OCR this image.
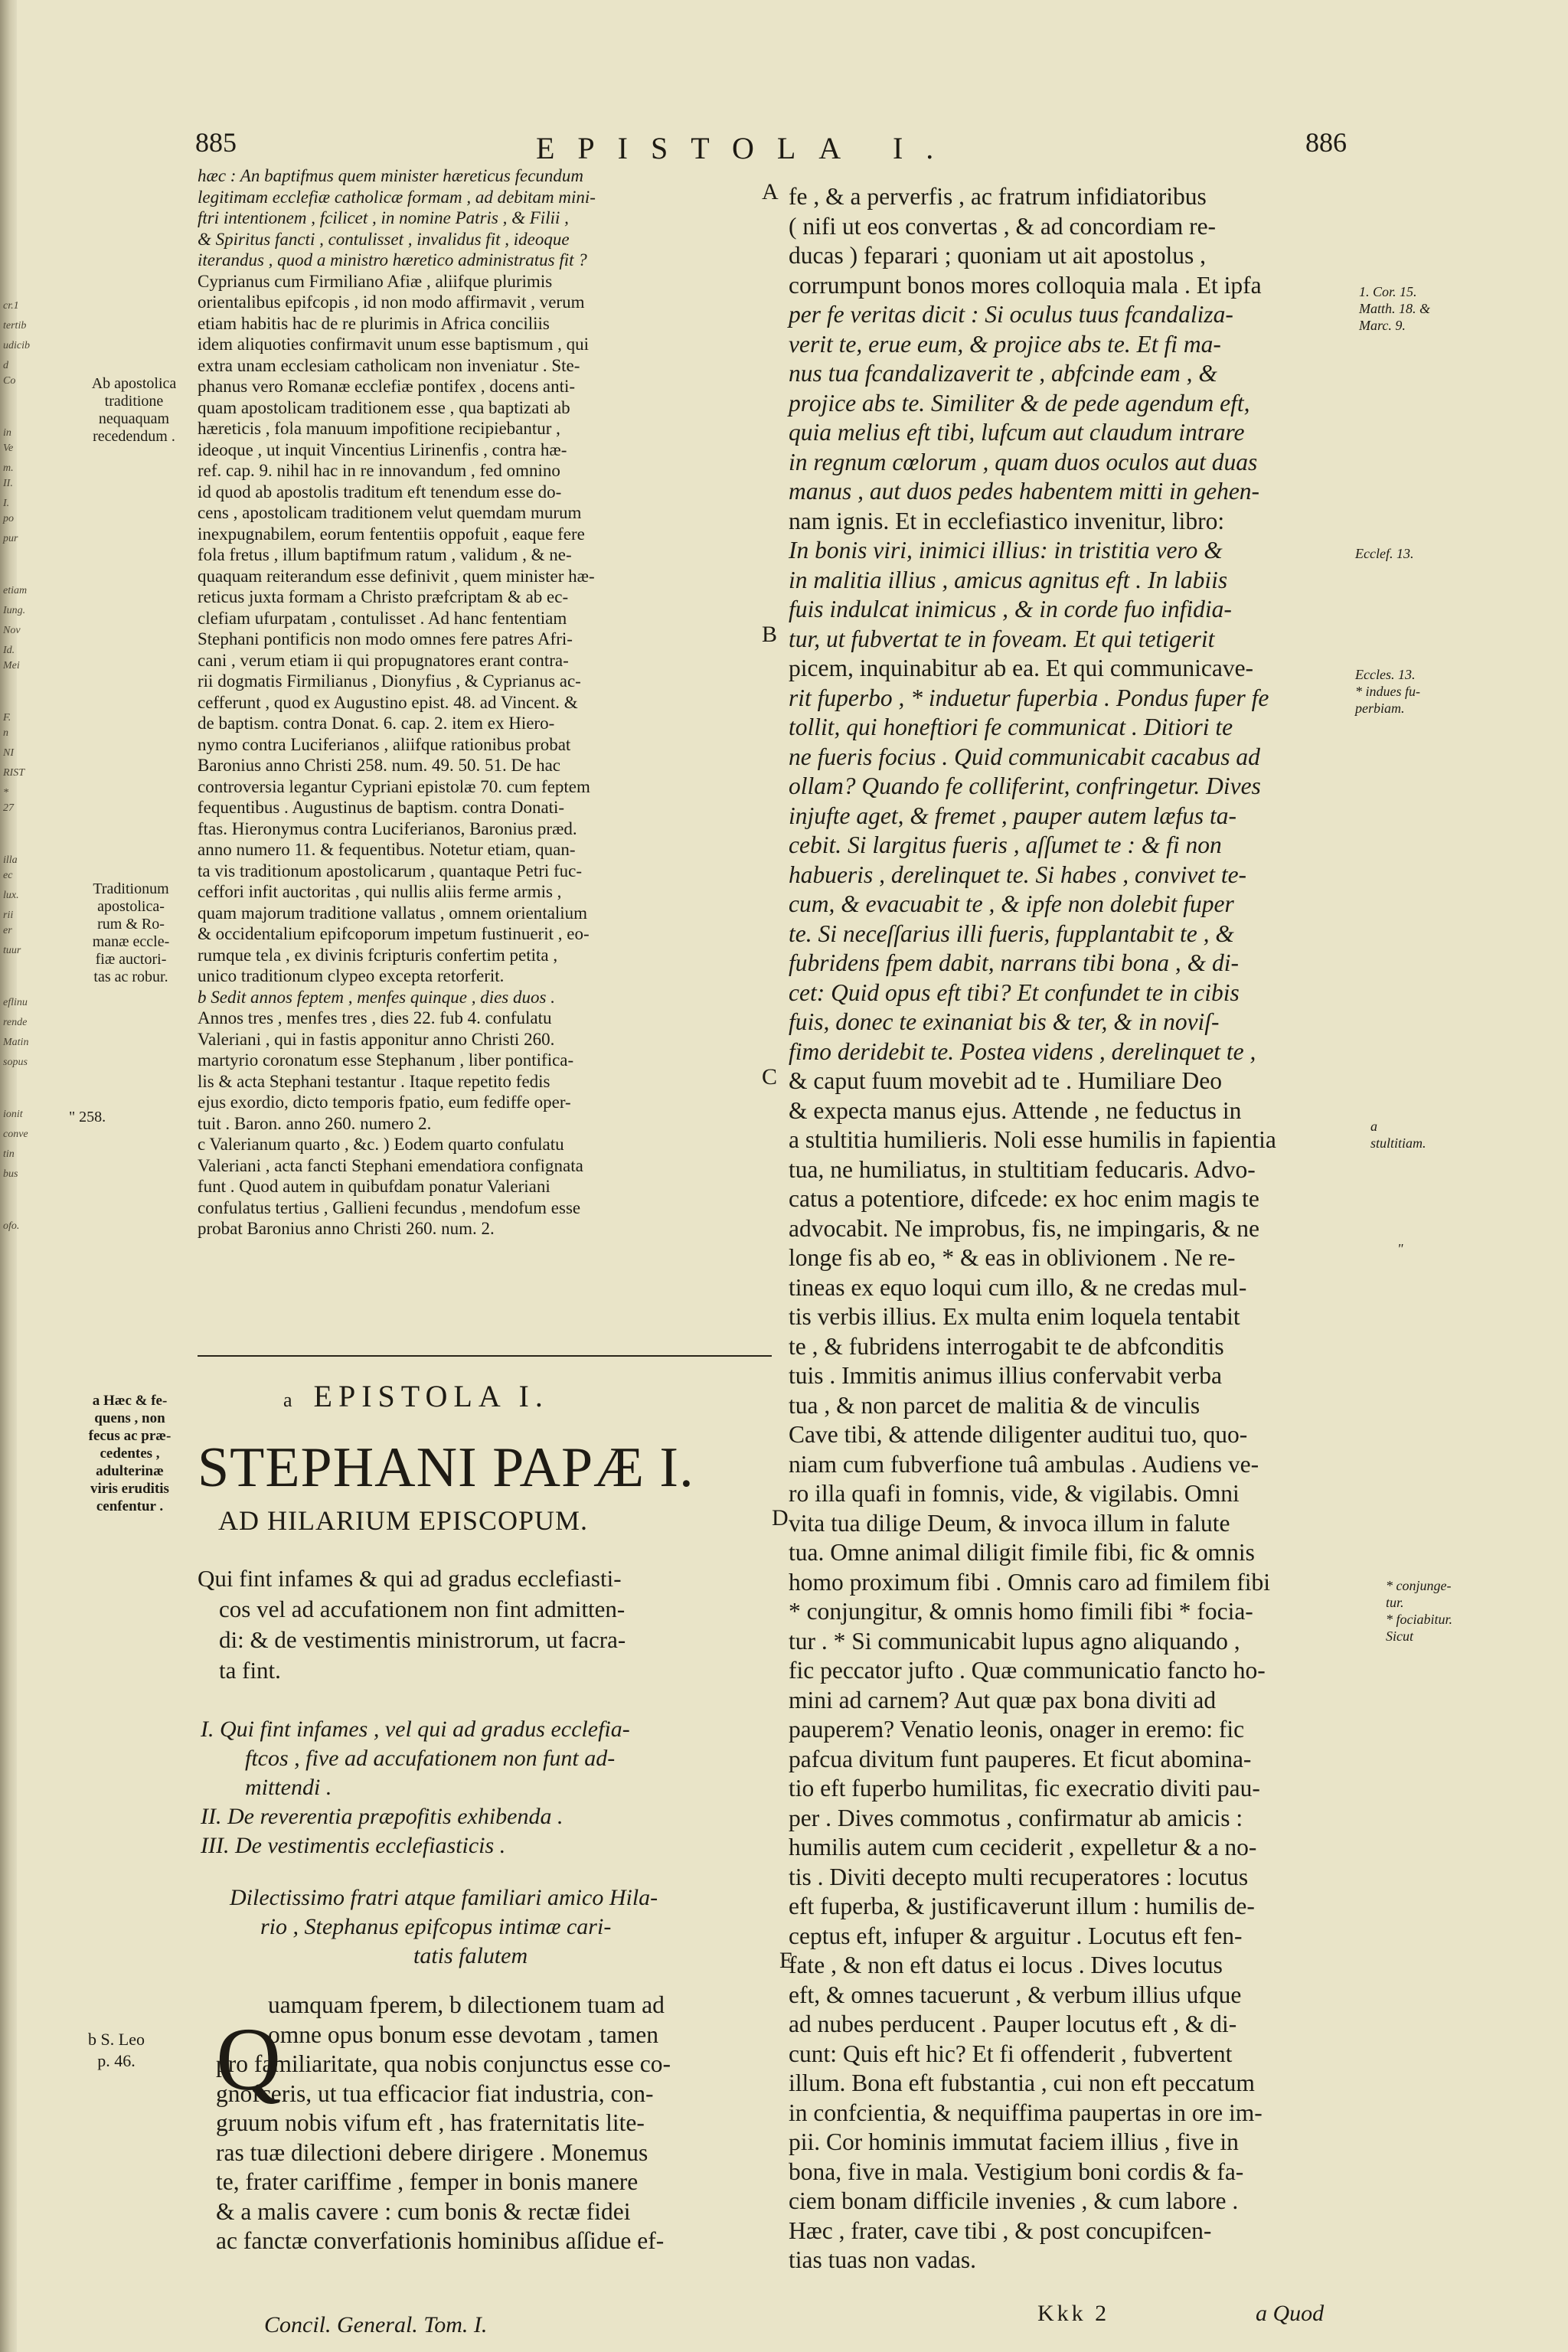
cr.1
tertib
udicib
d Co
in Ve
m. II.
I. po
pur
etiam
Iung.
Nov
Id. Mei
F. n
NI
RIST
* 27
illa ec
lux.
rii er
tuur
eflinu
rende
Matin
sopus
ionit
conve
tin
bus
ofo.
885	EPISTOLA I.	886
hæc : An baptifmus quem minister hæreticus fecundum
legitimam ecclefiæ catholicæ formam , ad debitam mini-
ftri intentionem , fcilicet , in nomine Patris , & Filii ,
& Spiritus fancti , contulisset , invalidus fit , ideoque
iterandus , quod a ministro hæretico administratus fit ?
Cyprianus cum Firmiliano Afiæ , aliifque plurimis
orientalibus epifcopis , id non modo affirmavit , verum
etiam habitis hac de re plurimis in Africa conciliis
idem aliquoties confirmavit unum esse baptismum , qui
extra unam ecclesiam catholicam non inveniatur . Ste-
phanus vero Romanæ ecclefiæ pontifex , docens anti-
quam apostolicam traditionem esse , qua baptizati ab
hæreticis , fola manuum impofitione recipiebantur ,
ideoque , ut inquit Vincentius Lirinenfis , contra hæ-
ref. cap. 9. nihil hac in re innovandum , fed omnino
id quod ab apostolis traditum eft tenendum esse do-
cens , apostolicam traditionem velut quemdam murum
inexpugnabilem, eorum fententiis oppofuit , eaque fere
fola fretus , illum baptifmum ratum , validum , & ne-
quaquam reiterandum esse definivit , quem minister hæ-
reticus juxta formam a Christo præfcriptam & ab ec-
clefiam ufurpatam , contulisset . Ad hanc fententiam
Stephani pontificis non modo omnes fere patres Afri-
cani , verum etiam ii qui propugnatores erant contra-
rii dogmatis Firmilianus , Dionyfius , & Cyprianus ac-
cefferunt , quod ex Augustino epist. 48. ad Vincent. &
de baptism. contra Donat. 6. cap. 2. item ex Hiero-
nymo contra Luciferianos , aliifque rationibus probat
Baronius anno Christi 258. num. 49. 50. 51. De hac
controversia legantur Cypriani epistolæ 70. cum feptem
fequentibus . Augustinus de baptism. contra Donati-
ftas. Hieronymus contra Luciferianos, Baronius præd.
anno numero 11. & fequentibus. Notetur etiam, quan-
ta vis traditionum apostolicarum , quantaque Petri fuc-
ceffori infit auctoritas , qui nullis aliis ferme armis ,
quam majorum traditione vallatus , omnem orientalium
& occidentalium epifcoporum impetum fustinuerit , eo-
rumque tela , ex divinis fcripturis confertim petita ,
unico traditionum clypeo excepta retorferit.
b Sedit annos feptem , menfes quinque , dies duos .
Annos tres , menfes tres , dies 22. fub 4. confulatu
Valeriani , qui in fastis apponitur anno Christi 260.
martyrio coronatum esse Stephanum , liber pontifica-
lis & acta Stephani testantur . Itaque repetito fedis
ejus exordio, dicto temporis fpatio, eum fediffe oper-
tuit . Baron. anno 260. numero 2.
c Valerianum quarto , &c. ) Eodem quarto confulatu
Valeriani , acta fancti Stephani emendatiora confignata
funt . Quod autem in quibufdam ponatur Valeriani
confulatus tertius , Gallieni fecundus , mendofum esse
probat Baronius anno Christi 260. num. 2.
Ab apostolica
traditione
nequaquam
recedendum .
Traditionum
apostolica-
rum & Ro-
manæ eccle-
fiæ auctori-
tas ac robur.
" 258.
a Hæc & fe-
quens , non
fecus ac præ-
cedentes ,
adulterinæ
viris eruditis
cenfentur .
b S. Leo
p. 46.
a EPISTOLA I.
STEPHANI PAPÆ I.
AD HILARIUM EPISCOPUM.
Qui fint infames & qui ad gradus ecclefiasti-
cos vel ad accufationem non fint admitten-
di: & de vestimentis ministrorum, ut facra-
ta fint.
I. Qui fint infames , vel qui ad gradus ecclefia-
ftcos , five ad accufationem non funt ad-
mittendi .
II. De reverentia præpofitis exhibenda .
III. De vestimentis ecclefiasticis .
Dilectissimo fratri atque familiari amico Hila-
rio , Stephanus epifcopus intimæ cari-
tatis falutem
Q
uamquam fperem, b dilectionem tuam ad
omne opus bonum esse devotam , tamen
pro familiaritate, qua nobis conjunctus esse co-
gnofceris, ut tua efficacior fiat industria, con-
gruum nobis vifum eft , has fraternitatis lite-
ras tuæ dilectioni debere dirigere . Monemus
te, frater cariffime , femper in bonis manere
& a malis cavere : cum bonis & rectæ fidei
ac fanctæ converfationis hominibus aſſidue ef-
Concil. General. Tom. I.
fe , & a perverfis , ac fratrum infidiatoribus
( nifi ut eos convertas , & ad concordiam re-
ducas ) feparari ; quoniam ut ait apostolus ,
corrumpunt bonos mores colloquia mala . Et ipfa
per fe veritas dicit : Si oculus tuus fcandaliza-
verit te, erue eum, & projice abs te. Et fi ma-
nus tua fcandalizaverit te , abfcinde eam , &
projice abs te. Similiter & de pede agendum eft,
quia melius eft tibi, lufcum aut claudum intrare
in regnum cœlorum , quam duos oculos aut duas
manus , aut duos pedes habentem mitti in gehen-
nam ignis. Et in ecclefiastico invenitur, libro:
In bonis viri, inimici illius: in tristitia vero &
in malitia illius , amicus agnitus eft . In labiis
fuis indulcat inimicus , & in corde fuo infidia-
tur, ut fubvertat te in foveam. Et qui tetigerit
picem, inquinabitur ab ea. Et qui communicave-
rit fuperbo , * induetur fuperbia . Pondus fuper fe
tollit, qui honeftiori fe communicat . Ditiori te
ne fueris focius . Quid communicabit cacabus ad
ollam? Quando fe colliferint, confringetur. Dives
injufte aget, & fremet , pauper autem læfus ta-
cebit. Si largitus fueris , aſſumet te : & fi non
habueris , derelinquet te. Si habes , convivet te-
cum, & evacuabit te , & ipfe non dolebit fuper
te. Si neceſſarius illi fueris, fupplantabit te , &
fubridens fpem dabit, narrans tibi bona , & di-
cet: Quid opus eft tibi? Et confundet te in cibis
fuis, donec te exinaniat bis & ter, & in noviſ-
fimo deridebit te. Postea videns , derelinquet te ,
& caput fuum movebit ad te . Humiliare Deo
& expecta manus ejus. Attende , ne feductus in
a stultitia humilieris. Noli esse humilis in fapientia
tua, ne humiliatus, in stultitiam feducaris. Advo-
catus a potentiore, difcede: ex hoc enim magis te
advocabit. Ne improbus, fis, ne impingaris, & ne
longe fis ab eo, * & eas in oblivionem . Ne re-
tineas ex equo loqui cum illo, & ne credas mul-
tis verbis illius. Ex multa enim loquela tentabit
te , & fubridens interrogabit te de abfconditis
tuis . Immitis animus illius confervabit verba
tua , & non parcet de malitia & de vinculis
Cave tibi, & attende diligenter auditui tuo, quo-
niam cum fubverfione tuâ ambulas . Audiens ve-
ro illa quafi in fomnis, vide, & vigilabis. Omni
vita tua dilige Deum, & invoca illum in falute
tua. Omne animal diligit fimile fibi, fic & omnis
homo proximum fibi . Omnis caro ad fimilem fibi
* conjungitur, & omnis homo fimili fibi * focia-
tur . * Si communicabit lupus agno aliquando ,
fic peccator jufto . Quæ communicatio fancto ho-
mini ad carnem? Aut quæ pax bona diviti ad
pauperem? Venatio leonis, onager in eremo: fic
pafcua divitum funt pauperes. Et ficut abomina-
tio eft fuperbo humilitas, fic execratio diviti pau-
per . Dives commotus , confirmatur ab amicis :
humilis autem cum ceciderit , expelletur & a no-
tis . Diviti decepto multi recuperatores : locutus
eft fuperba, & justificaverunt illum : humilis de-
ceptus eft, infuper & arguitur . Locutus eft fen-
fate , & non eft datus ei locus . Dives locutus
eft, & omnes tacuerunt , & verbum illius ufque
ad nubes perducent . Pauper locutus eft , & di-
cunt: Quis eft hic? Et fi offenderit , fubvertent
illum. Bona eft fubstantia , cui non eft peccatum
in confcientia, & nequiffima paupertas in ore im-
pii. Cor hominis immutat faciem illius , five in
bona, five in mala. Vestigium boni cordis & fa-
ciem bonam difficile invenies , & cum labore .
Hæc , frater, cave tibi , & post concupifcen-
tias tuas non vadas.
A
B
C
D
E
1. Cor. 15.
Matth. 18. &
Marc. 9.
Ecclef. 13.
Eccles. 13.
* indues fu-
perbiam.
a
stultitiam.
"
* conjunge-
tur.
* fociabitur.
Sicut
Kkk 2	a Quod
